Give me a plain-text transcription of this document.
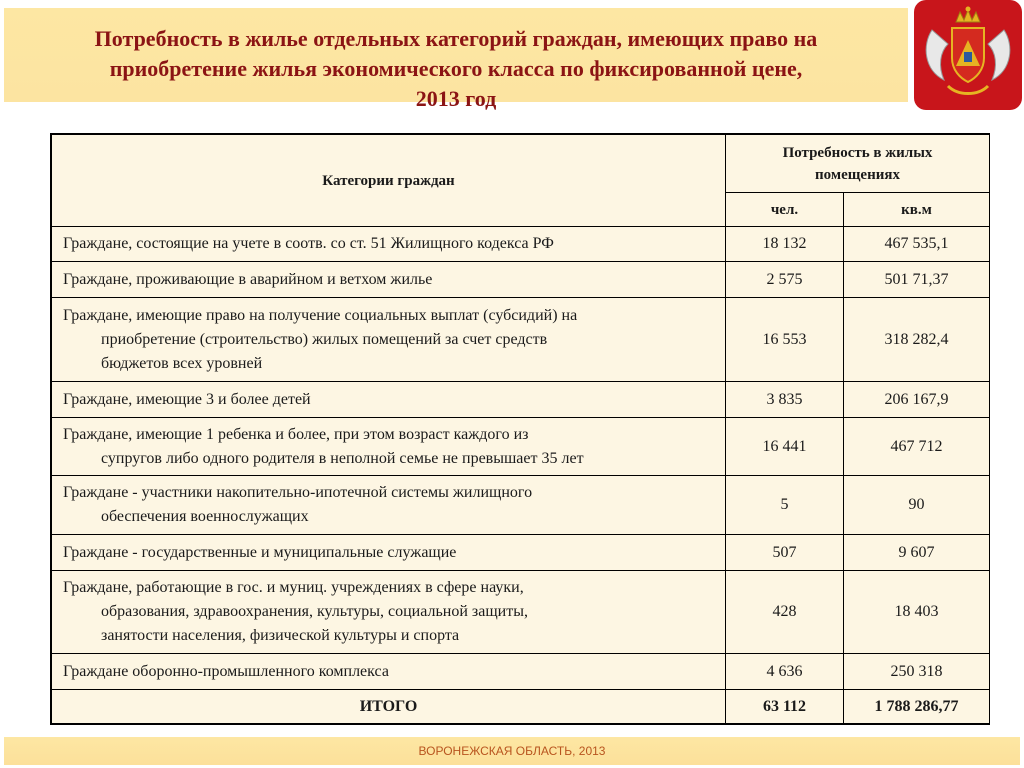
Потребность в жилье отдельных категорий граждан, имеющих право на
приобретение жилья экономического класса по фиксированной цене,
2013 год
Категории граждан	Потребность в жилых помещениях	
	чел.	кв.м

Граждане, состоящие на учете в соотв. со ст. 51 Жилищного кодекса РФ	18 132	467 535,1

Граждане, проживающие в аварийном и ветхом жилье	2 575	501 71,37

Граждане, имеющие право на получение социальных выплат (субсидий) на
приобретение (строительство) жилых помещений за счет средств
бюджетов всех уровней	16 553	318 282,4

Граждане, имеющие 3 и более детей	3 835	206 167,9

Граждане, имеющие 1 ребенка и более, при этом возраст каждого из
супругов либо одного родителя в неполной семье не превышает 35 лет	16 441	467 712

Граждане - участники накопительно-ипотечной системы жилищного
обеспечения военнослужащих	5	90

Граждане - государственные и муниципальные служащие	507	9 607

Граждане, работающие в гос. и муниц. учреждениях в сфере науки,
образования, здравоохранения, культуры, социальной защиты,
занятости населения, физической культуры и спорта	428	18 403

Граждане оборонно-промышленного комплекса	4 636	250 318
ИТОГО	63 112	1 788 286,77
ВОРОНЕЖСКАЯ ОБЛАСТЬ, 2013
